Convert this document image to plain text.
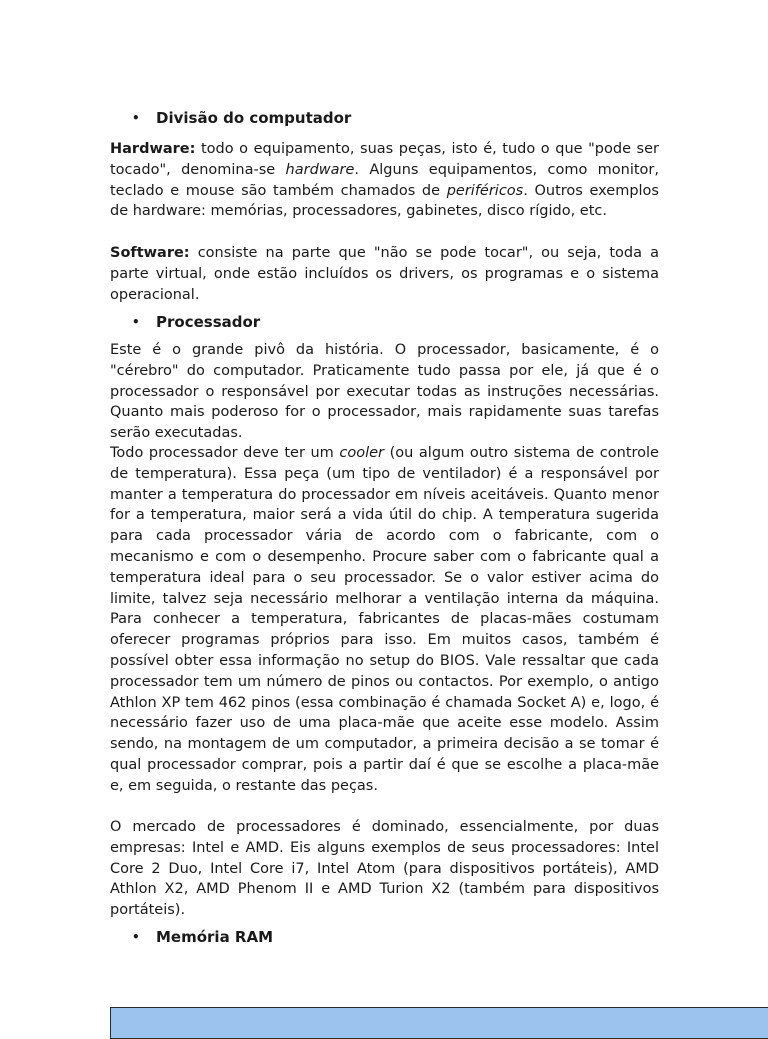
•	Divisão do computador

Hardware: todo o equipamento, suas peças, isto é, tudo o que "pode ser tocado", denomina-se hardware. Alguns equipamentos, como monitor, teclado e mouse são também chamados de periféricos. Outros exemplos de hardware: memórias, processadores, gabinetes, disco rígido, etc.

Software: consiste na parte que "não se pode tocar", ou seja, toda a parte virtual, onde estão incluídos os drivers, os programas e o sistema operacional.

•	Processador

Este é o grande pivô da história. O processador, basicamente, é o "cérebro" do computador. Praticamente tudo passa por ele, já que é o processador o responsável por executar todas as instruções necessárias. Quanto mais poderoso for o processador, mais rapidamente suas tarefas serão executadas.

Todo processador deve ter um cooler (ou algum outro sistema de controle de temperatura). Essa peça (um tipo de ventilador) é a responsável por manter a temperatura do processador em níveis aceitáveis. Quanto menor for a temperatura, maior será a vida útil do chip. A temperatura sugerida para cada processador vária de acordo com o fabricante, com o mecanismo e com o desempenho. Procure saber com o fabricante qual a temperatura ideal para o seu processador. Se o valor estiver acima do limite, talvez seja necessário melhorar a ventilação interna da máquina. Para conhecer a temperatura, fabricantes de placas-mães costumam oferecer programas próprios para isso. Em muitos casos, também é possível obter essa informação no setup do BIOS. Vale ressaltar que cada processador tem um número de pinos ou contactos. Por exemplo, o antigo Athlon XP tem 462 pinos (essa combinação é chamada Socket A) e, logo, é necessário fazer uso de uma placa-mãe que aceite esse modelo. Assim sendo, na montagem de um computador, a primeira decisão a se tomar é qual processador comprar, pois a partir daí é que se escolhe a placa-mãe e, em seguida, o restante das peças.

O mercado de processadores é dominado, essencialmente, por duas empresas: Intel e AMD. Eis alguns exemplos de seus processadores: Intel Core 2 Duo, Intel Core i7, Intel Atom (para dispositivos portáteis), AMD Athlon X2, AMD Phenom II e AMD Turion X2 (também para dispositivos portáteis).

•	Memória RAM
